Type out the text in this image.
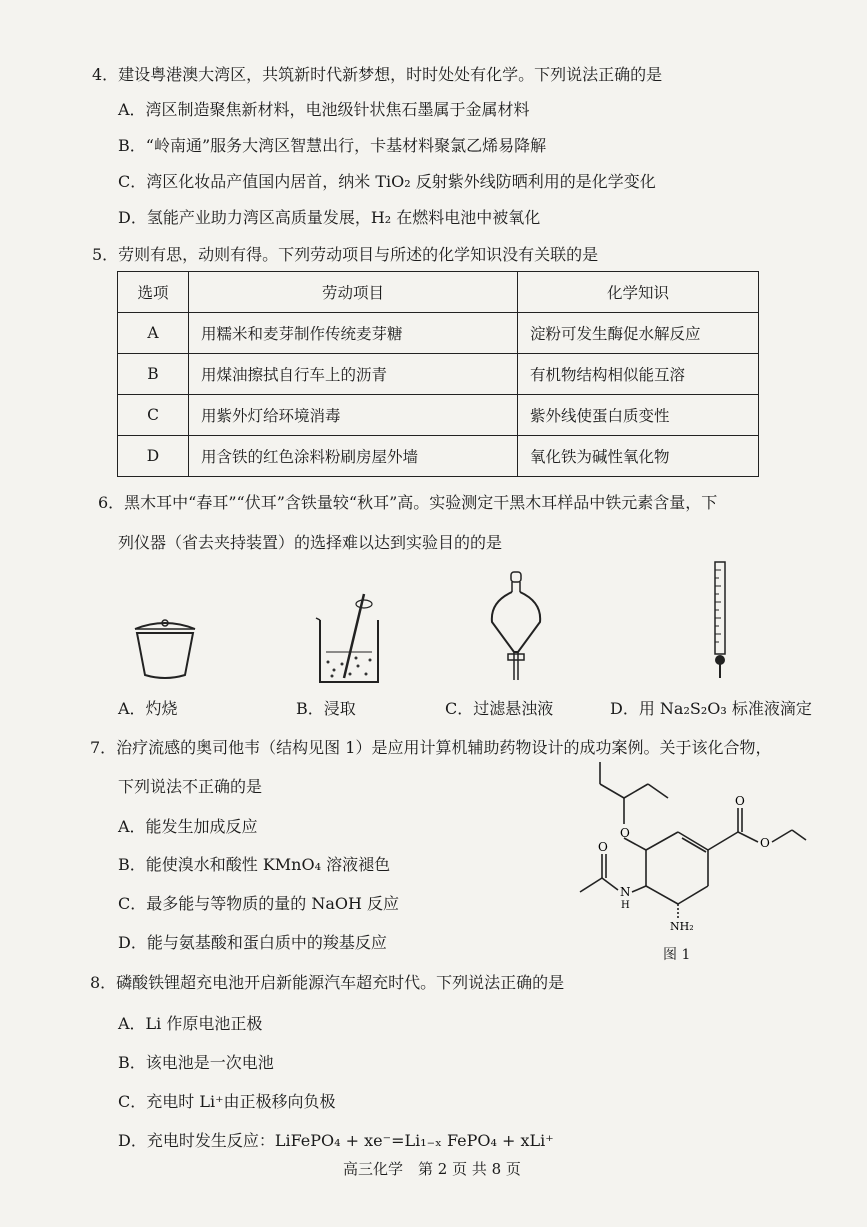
4．建设粤港澳大湾区，共筑新时代新梦想，时时处处有化学。下列说法正确的是
A．湾区制造聚焦新材料，电池级针状焦石墨属于金属材料
B．“岭南通”服务大湾区智慧出行，卡基材料聚氯乙烯易降解
C．湾区化妆品产值国内居首，纳米 TiO₂ 反射紫外线防晒利用的是化学变化
D．氢能产业助力湾区高质量发展，H₂ 在燃料电池中被氧化
5．劳则有思，动则有得。下列劳动项目与所述的化学知识没有关联的是
选项	劳动项目	化学知识
A	用糯米和麦芽制作传统麦芽糖	淀粉可发生酶促水解反应
B	用煤油擦拭自行车上的沥青	有机物结构相似能互溶
C	用紫外灯给环境消毒	紫外线使蛋白质变性
D	用含铁的红色涂料粉刷房屋外墙	氧化铁为碱性氧化物
6．黑木耳中“春耳”“伏耳”含铁量较“秋耳”高。实验测定干黑木耳样品中铁元素含量，下
列仪器（省去夹持装置）的选择难以达到实验目的的是
A．灼烧	B．浸取	C．过滤悬浊液	D．用 Na₂S₂O₃ 标准液滴定
7．治疗流感的奥司他韦（结构见图 1）是应用计算机辅助药物设计的成功案例。关于该化合物，
下列说法不正确的是
A．能发生加成反应
B．能使溴水和酸性 KMnO₄ 溶液褪色
C．最多能与等物质的量的 NaOH 反应
D．能与氨基酸和蛋白质中的羧基反应
O
O
O
O
N
H
NH₂
图 1
8．磷酸铁锂超充电池开启新能源汽车超充时代。下列说法正确的是
A．Li 作原电池正极
B．该电池是一次电池
C．充电时 Li⁺由正极移向负极
D．充电时发生反应：LiFePO₄ + xe⁻=Li₁₋ₓ FePO₄ + xLi⁺
高三化学　第 2 页 共 8 页
